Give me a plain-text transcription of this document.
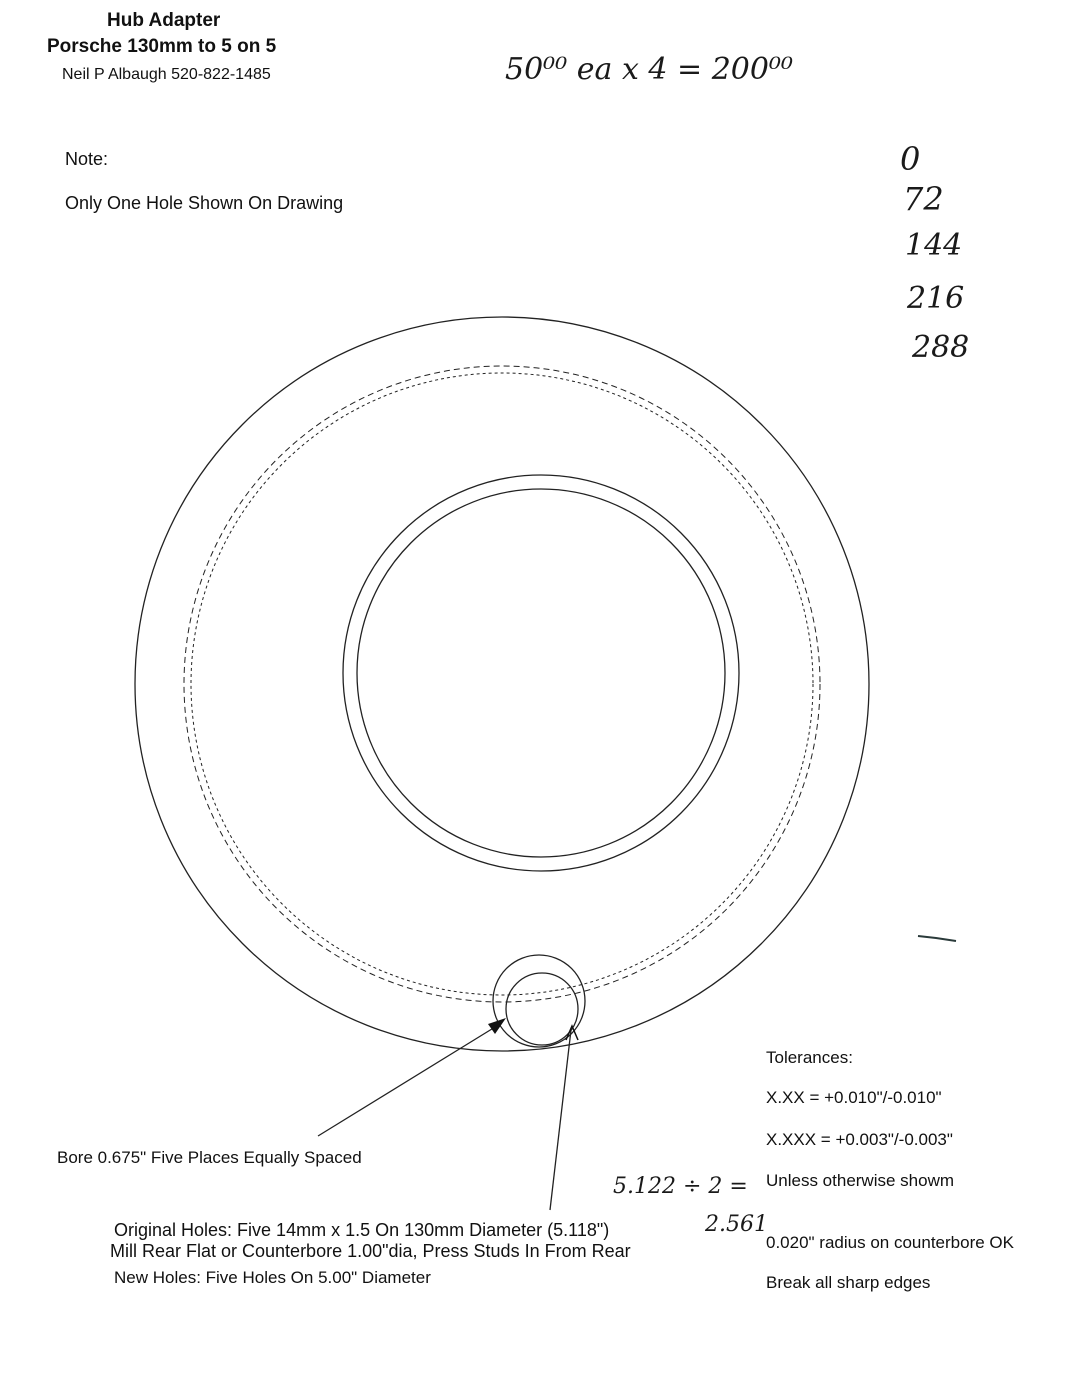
Hub Adapter
Porsche 130mm to 5 on 5
Neil P Albaugh 520-822-1485
Note:
Only One Hole Shown On Drawing
50⁰⁰ ea x 4 = 200⁰⁰
0
72
144
216
288
5.122 ÷ 2 =
2.561
Bore 0.675" Five Places Equally Spaced
Original Holes: Five 14mm x 1.5 On 130mm Diameter (5.118")
Mill Rear Flat or Counterbore 1.00"dia, Press Studs In From Rear
New Holes: Five Holes On 5.00" Diameter
Tolerances:
X.XX = +0.010"/-0.010"
X.XXX = +0.003"/-0.003"
Unless otherwise showm
0.020" radius on counterbore OK
Break all sharp edges
